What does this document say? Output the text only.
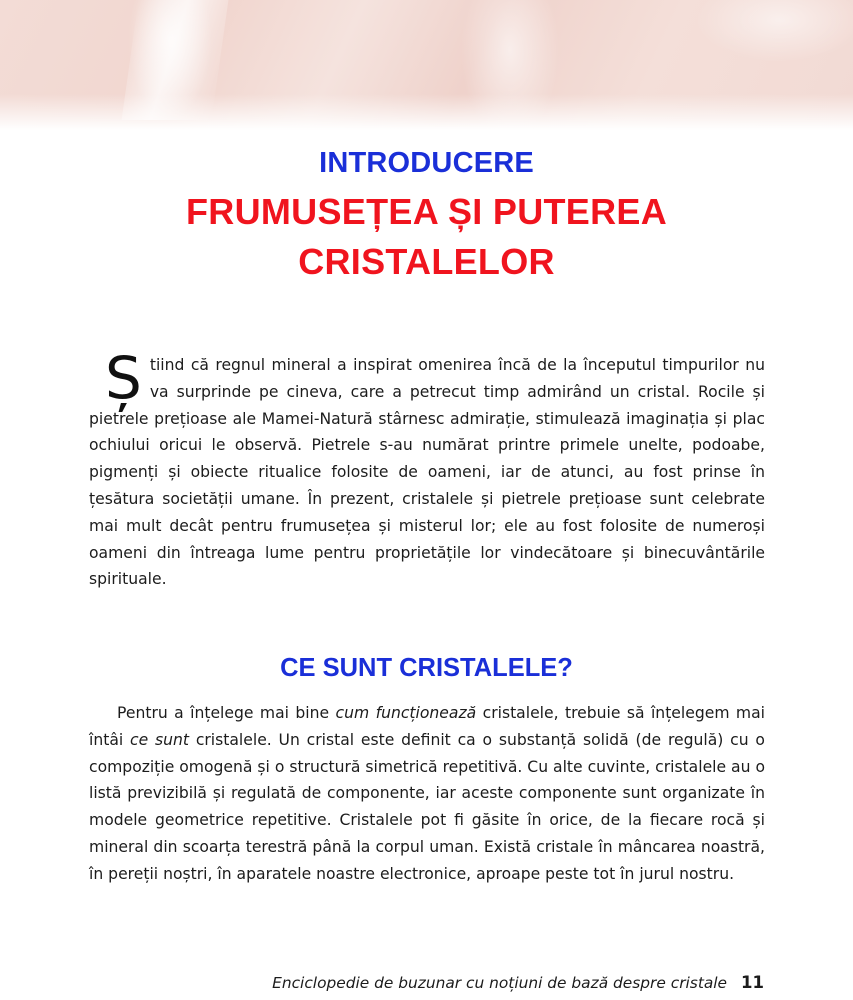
INTRODUCERE
FRUMUSEȚEA ȘI PUTEREA
CRISTALELOR
Știind că regnul mineral a inspirat omenirea încă de la începutul timpurilor nu va surprinde pe cineva, care a petrecut timp admirând un cristal. Rocile și pietrele prețioase ale Mamei-Natură stârnesc admirație, stimulează imaginația și plac ochiului oricui le observă. Pietrele s-au numărat printre primele unelte, podoabe, pigmenți și obiecte ritualice folosite de oameni, iar de atunci, au fost prinse în țesătura societății umane. În prezent, cristalele și pietrele prețioase sunt celebrate mai mult decât pentru frumusețea și misterul lor; ele au fost folosite de numeroși oameni din întreaga lume pentru proprietățile lor vindecătoare și binecuvântările spirituale.
CE SUNT CRISTALELE?
Pentru a înțelege mai bine cum funcționează cristalele, trebuie să înțelegem mai întâi ce sunt cristalele. Un cristal este definit ca o substanță solidă (de regulă) cu o compoziție omogenă și o structură simetrică repetitivă. Cu alte cuvinte, cristalele au o listă previzibilă și regulată de componente, iar aceste componente sunt organizate în modele geometrice repetitive. Cristalele pot fi găsite în orice, de la fiecare rocă și mineral din scoarța terestră până la corpul uman. Există cristale în mâncarea noastră, în pereții noștri, în aparatele noastre electronice, aproape peste tot în jurul nostru.
Enciclopedie de buzunar cu noțiuni de bază despre cristale 11
